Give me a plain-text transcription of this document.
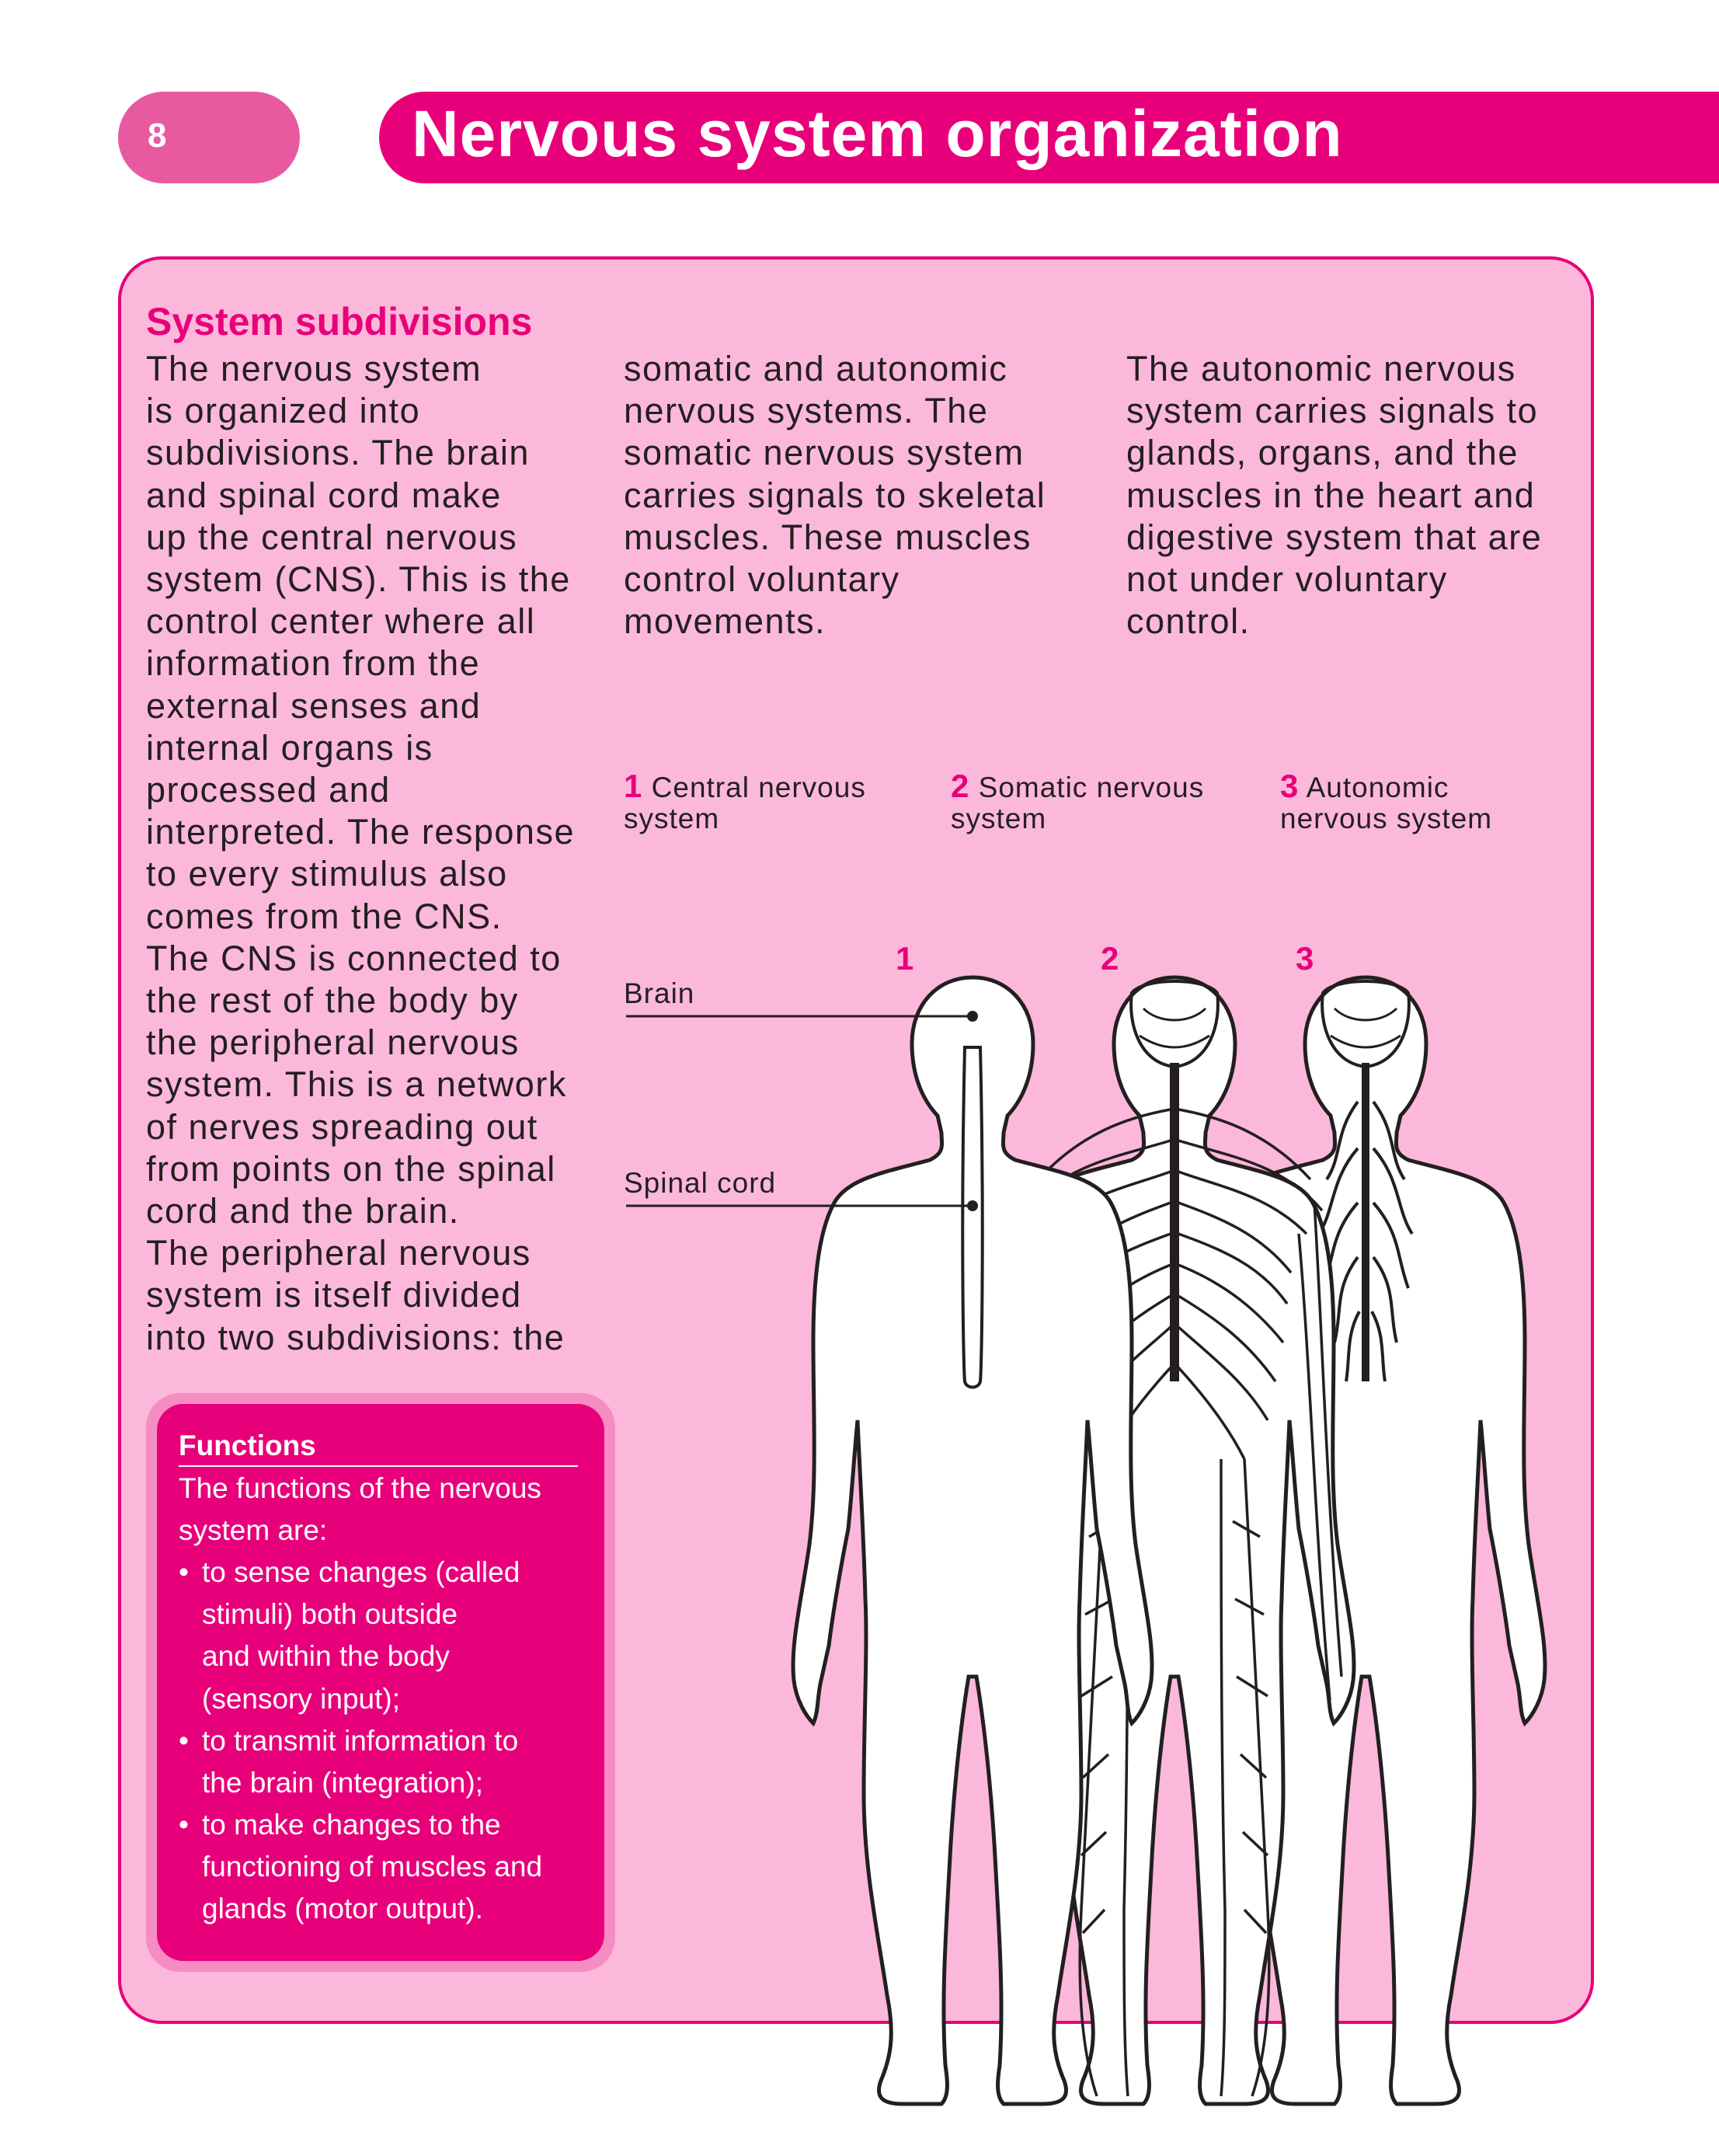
8	Nervous system organization
System subdivisions
The nervous system
is organized into
subdivisions. The brain
and spinal cord make
up the central nervous
system (CNS). This is the
control center where all
information from the
external senses and
internal organs is
processed and
interpreted. The response
to every stimulus also
comes from the CNS.
The CNS is connected to
the rest of the body by
the peripheral nervous
system. This is a network
of nerves spreading out
from points on the spinal
cord and the brain.
The peripheral nervous
system is itself divided
into two subdivisions: the
somatic and autonomic
nervous systems. The
somatic nervous system
carries signals to skeletal
muscles. These muscles
control voluntary
movements.
The autonomic nervous
system carries signals to
glands, organs, and the
muscles in the heart and
digestive system that are
not under voluntary
control.
1 Central nervous
system
2 Somatic nervous
system
3 Autonomic
nervous system
1	2	3
Brain
Spinal cord
Functions
The functions of the nervous
system are:
• to sense changes (called
stimuli) both outside
and within the body
(sensory input);
• to transmit information to
the brain (integration);
• to make changes to the
functioning of muscles and
glands (motor output).
